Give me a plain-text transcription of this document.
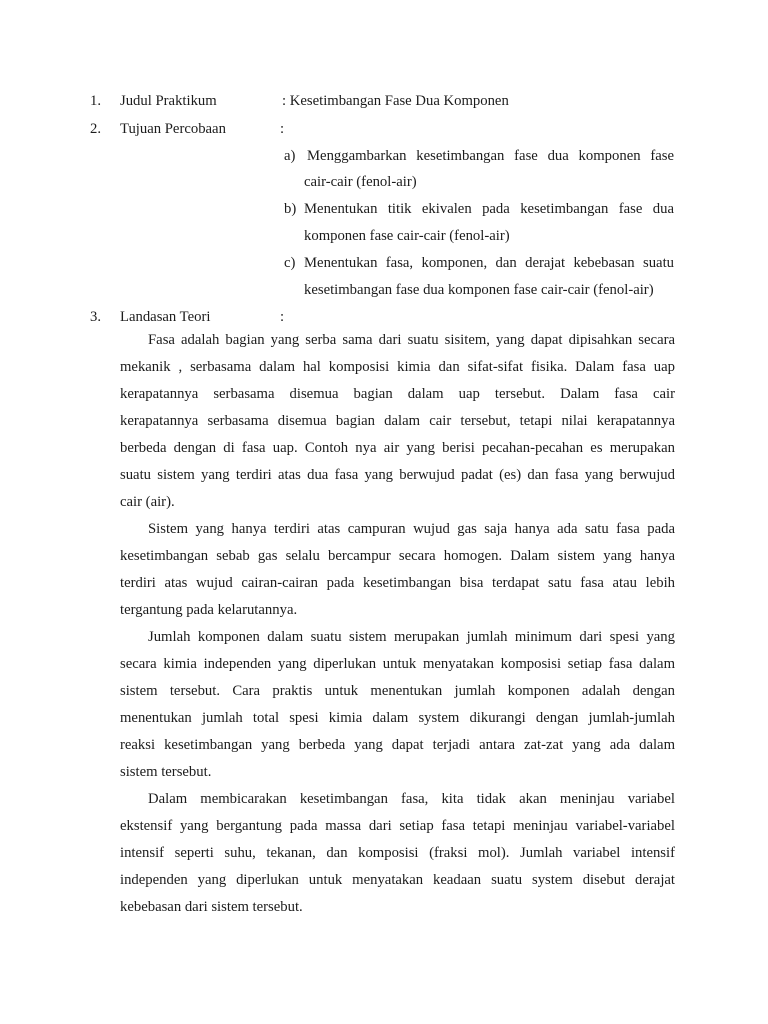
1. Judul Praktikum	: Kesetimbangan Fase Dua Komponen
2. Tujuan Percobaan	:
a) Menggambarkan kesetimbangan fase dua komponen fase
cair-cair (fenol-air)
b) Menentukan titik ekivalen pada kesetimbangan fase dua
komponen fase cair-cair (fenol-air)
c) Menentukan fasa, komponen, dan derajat kebebasan suatu
kesetimbangan fase dua komponen fase cair-cair (fenol-air)
3. Landasan Teori	:
Fasa adalah bagian yang serba sama dari suatu sisitem, yang dapat dipisahkan secara
mekanik , serbasama dalam hal komposisi kimia dan sifat-sifat fisika. Dalam fasa uap
kerapatannya serbasama disemua bagian dalam uap tersebut. Dalam fasa cair
kerapatannya serbasama disemua bagian dalam cair tersebut, tetapi nilai kerapatannya
berbeda dengan di fasa uap. Contoh nya air yang berisi pecahan-pecahan es merupakan
suatu sistem yang terdiri atas dua fasa yang berwujud padat (es) dan fasa yang berwujud
cair (air).
Sistem yang hanya terdiri atas campuran wujud gas saja hanya ada satu fasa pada
kesetimbangan sebab gas selalu bercampur secara homogen. Dalam sistem yang hanya
terdiri atas wujud cairan-cairan pada kesetimbangan bisa terdapat satu fasa atau lebih
tergantung pada kelarutannya.
Jumlah komponen dalam suatu sistem merupakan jumlah minimum dari spesi yang
secara kimia independen yang diperlukan untuk menyatakan komposisi setiap fasa dalam
sistem tersebut. Cara praktis untuk menentukan jumlah komponen adalah dengan
menentukan jumlah total spesi kimia dalam system dikurangi dengan jumlah-jumlah
reaksi kesetimbangan yang berbeda yang dapat terjadi antara zat-zat yang ada dalam
sistem tersebut.
Dalam membicarakan kesetimbangan fasa, kita tidak akan meninjau variabel
ekstensif yang bergantung pada massa dari setiap fasa tetapi meninjau variabel-variabel
intensif seperti suhu, tekanan, dan komposisi (fraksi mol). Jumlah variabel intensif
independen yang diperlukan untuk menyatakan keadaan suatu system disebut derajat
kebebasan dari sistem tersebut.
